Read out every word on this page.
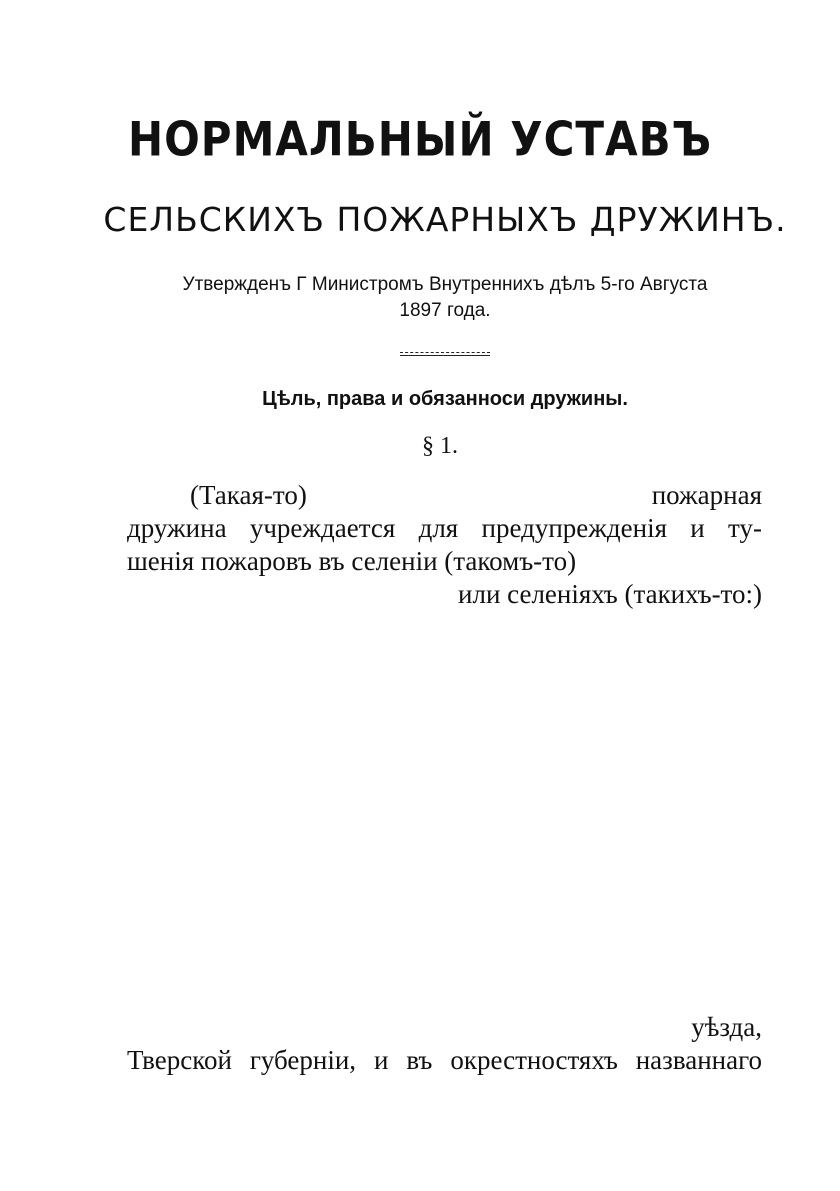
НОРМАЛЬНЫЙ УСТАВЪ
СЕЛЬСКИХЪ ПОЖАРНЫХЪ ДРУЖИНЪ.
Утвержденъ Г Министромъ Внутреннихъ дѣлъ 5-го Августа
1897 года.
Цѣль, права и обязанноси дружины.
§ 1.
(Такая-то)	пожарная
дружина учреждается для предупрежденія и ту-
шенія пожаровъ въ селеніи (такомъ-то)
или селеніяхъ (такихъ-то:)
уѣзда,
Тверской губерніи, и въ окрестностяхъ названнаго
